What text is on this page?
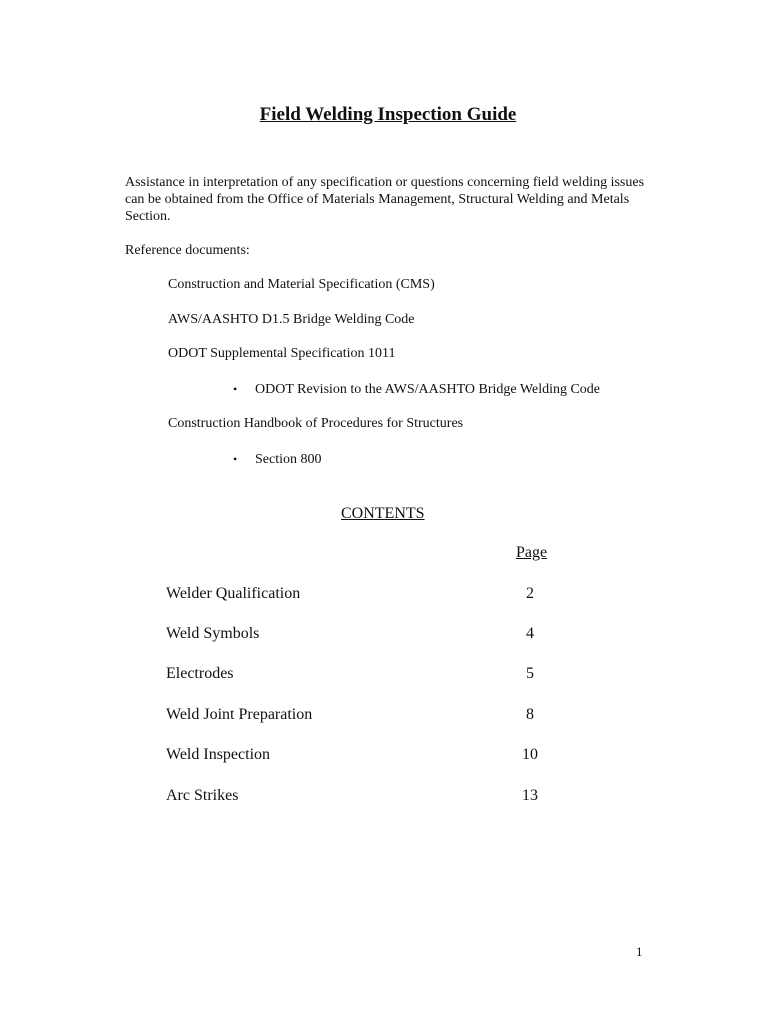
Field Welding Inspection Guide
Assistance in interpretation of any specification or questions concerning field welding issues can be obtained from the Office of Materials Management, Structural Welding and Metals Section.
Reference documents:
Construction and Material Specification (CMS)
AWS/AASHTO D1.5 Bridge Welding Code
ODOT Supplemental Specification 1011
• ODOT Revision to the AWS/AASHTO Bridge Welding Code
Construction Handbook of Procedures for Structures
• Section 800
CONTENTS
Page
Welder Qualification	2
Weld Symbols	4
Electrodes	5
Weld Joint Preparation	8
Weld Inspection	10
Arc Strikes	13
1
